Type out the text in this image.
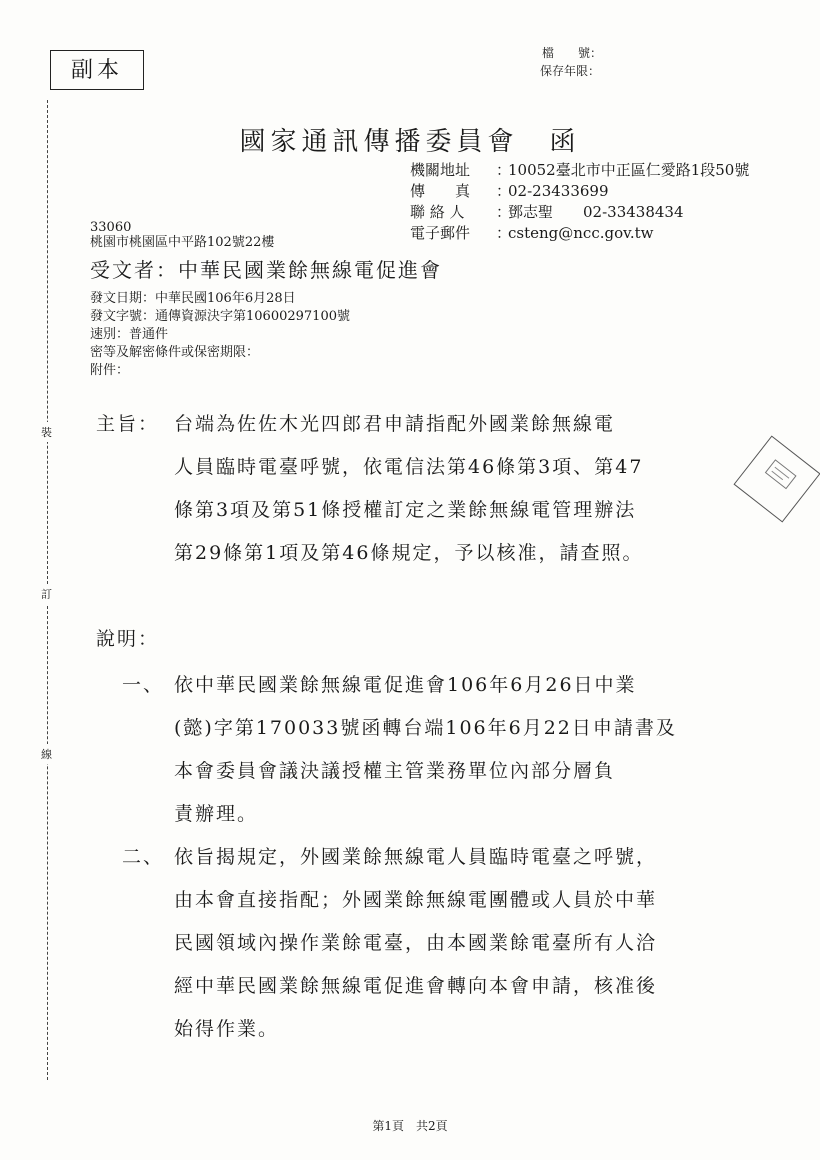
副本
檔　　號：
保存年限：
裝
訂
線
國家通訊傳播委員會　函
機關地址	：
10052臺北市中正區仁愛路1段50號
傳　　真	：
02-23433699
聯 絡 人	：
鄧志聖　　02-33438434
電子郵件	：
csteng@ncc.gov.tw
33060
桃園市桃園區中平路102號22樓
受文者：中華民國業餘無線電促進會
發文日期：中華民國106年6月28日
發文字號：通傳資源決字第10600297100號
速別：普通件
密等及解密條件或保密期限：
附件：
主旨： 台端為佐佐木光四郎君申請指配外國業餘無線電
人員臨時電臺呼號，依電信法第46條第3項、第47
條第3項及第51條授權訂定之業餘無線電管理辦法
第29條第1項及第46條規定，予以核准，請查照。
說明：
一、 依中華民國業餘無線電促進會106年6月26日中業
(懿)字第170033號函轉台端106年6月22日申請書及
本會委員會議決議授權主管業務單位內部分層負
責辦理。
二、 依旨揭規定，外國業餘無線電人員臨時電臺之呼號，
由本會直接指配；外國業餘無線電團體或人員於中華
民國領域內操作業餘電臺，由本國業餘電臺所有人洽
經中華民國業餘無線電促進會轉向本會申請，核准後
始得作業。
第1頁　共2頁
